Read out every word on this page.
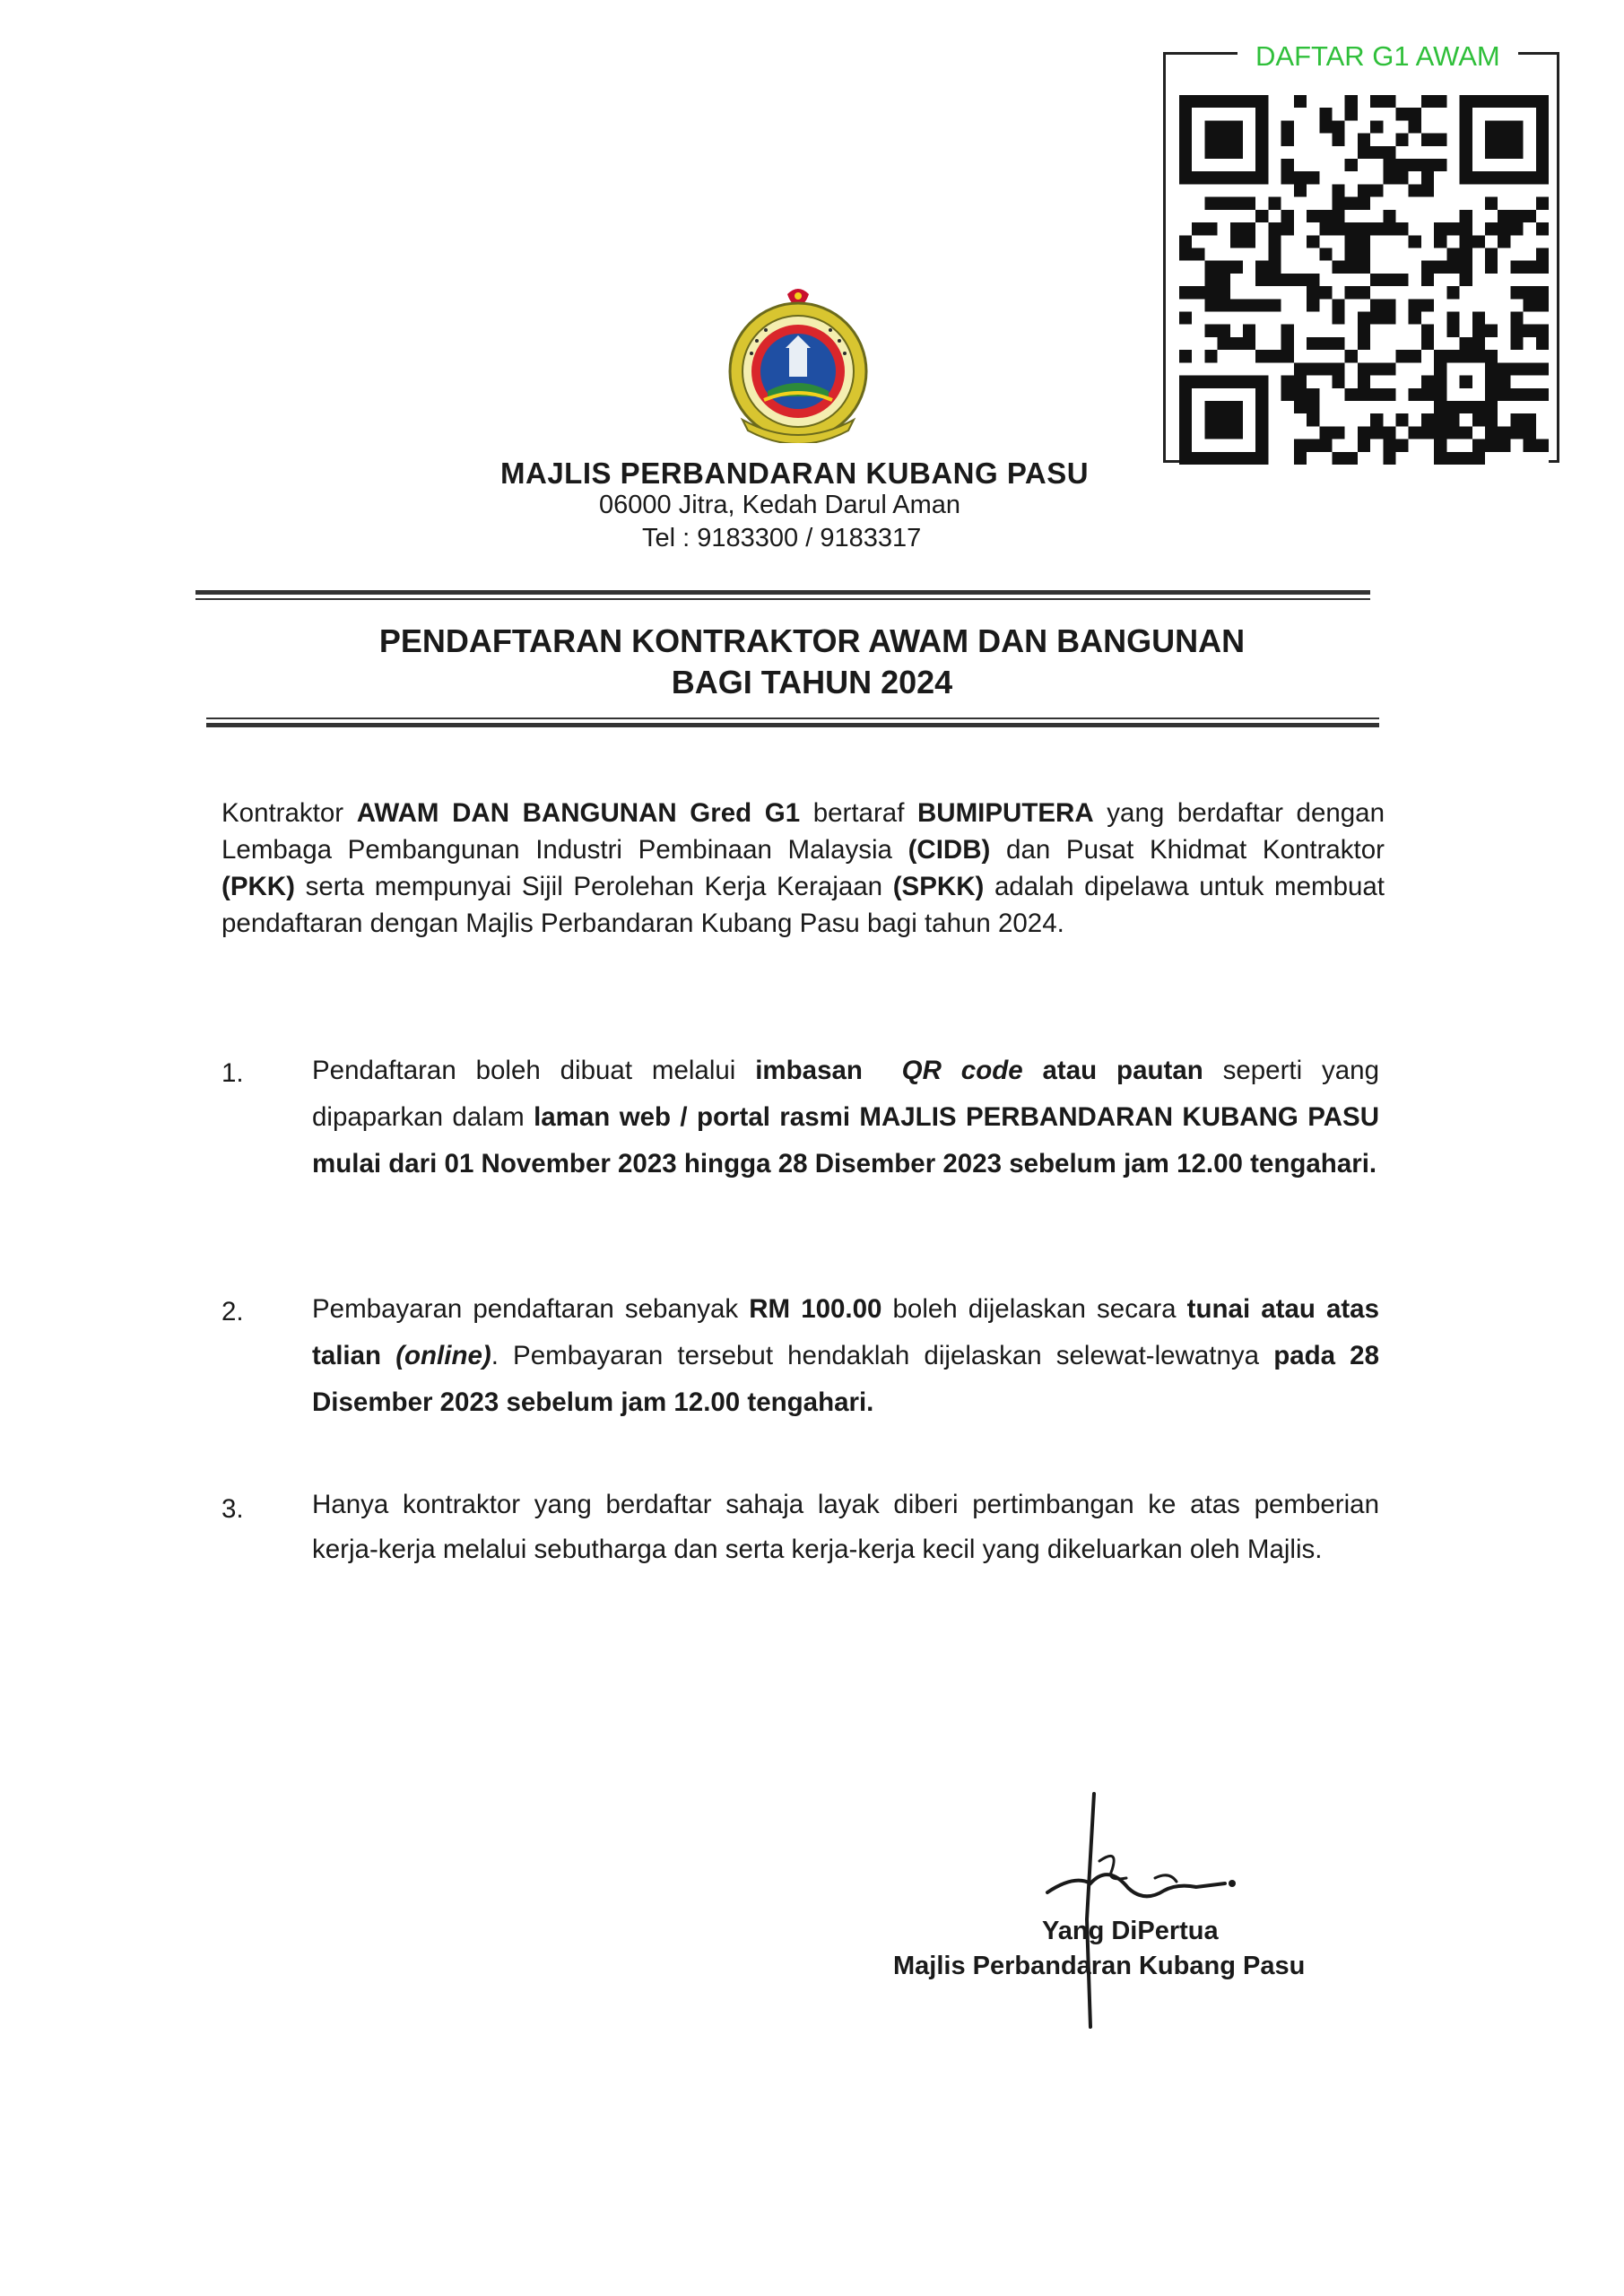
DAFTAR G1 AWAM
MAJLIS PERBANDARAN KUBANG PASU
06000 Jitra, Kedah Darul Aman
Tel : 9183300 / 9183317
PENDAFTARAN KONTRAKTOR AWAM DAN BANGUNAN
BAGI TAHUN 2024
Kontraktor AWAM DAN BANGUNAN Gred G1 bertaraf BUMIPUTERA yang berdaftar dengan Lembaga Pembangunan Industri Pembinaan Malaysia (CIDB) dan Pusat Khidmat Kontraktor (PKK) serta mempunyai Sijil Perolehan Kerja Kerajaan (SPKK) adalah dipelawa untuk membuat pendaftaran dengan Majlis Perbandaran Kubang Pasu bagi tahun 2024.
1.	Pendaftaran boleh dibuat melalui imbasan QR code atau pautan seperti yang dipaparkan dalam laman web / portal rasmi MAJLIS PERBANDARAN KUBANG PASU mulai dari 01 November 2023 hingga 28 Disember 2023 sebelum jam 12.00 tengahari.
2.	Pembayaran pendaftaran sebanyak RM 100.00 boleh dijelaskan secara tunai atau atas talian (online). Pembayaran tersebut hendaklah dijelaskan selewat-lewatnya pada 28 Disember 2023 sebelum jam 12.00 tengahari.
3.	Hanya kontraktor yang berdaftar sahaja layak diberi pertimbangan ke atas pemberian kerja-kerja melalui sebutharga dan serta kerja-kerja kecil yang dikeluarkan oleh Majlis.
Yang DiPertua
Majlis Perbandaran Kubang Pasu
